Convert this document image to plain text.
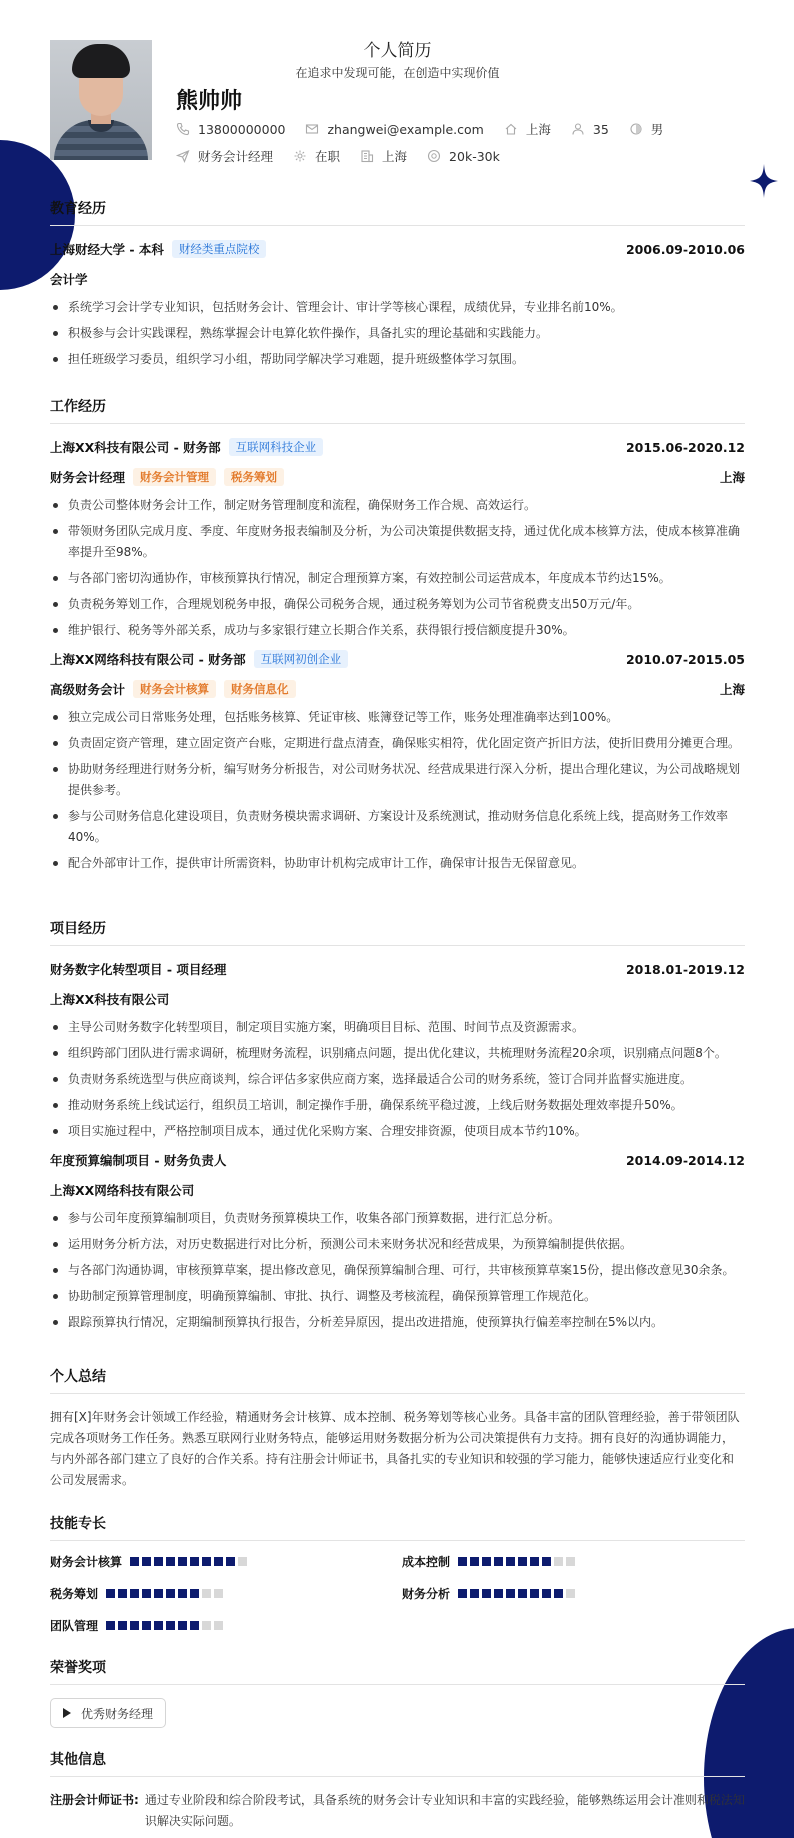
个人简历
在追求中发现可能，在创造中实现价值
熊帅帅
13800000000	zhangwei@example.com	上海	35	男
财务会计经理	在职	上海	20k-30k
教育经历
上海财经大学 - 本科	财经类重点院校	2006.09-2010.06
会计学
系统学习会计学专业知识，包括财务会计、管理会计、审计学等核心课程，成绩优异，专业排名前10%。
积极参与会计实践课程，熟练掌握会计电算化软件操作，具备扎实的理论基础和实践能力。
担任班级学习委员，组织学习小组，帮助同学解决学习难题，提升班级整体学习氛围。
工作经历
上海XX科技有限公司 - 财务部	互联网科技企业	2015.06-2020.12
财务会计经理	财务会计管理	税务筹划	上海
负责公司整体财务会计工作，制定财务管理制度和流程，确保财务工作合规、高效运行。
带领财务团队完成月度、季度、年度财务报表编制及分析，为公司决策提供数据支持，通过优化成本核算方法，使成本核算准确率提升至98%。
与各部门密切沟通协作，审核预算执行情况，制定合理预算方案，有效控制公司运营成本，年度成本节约达15%。
负责税务筹划工作，合理规划税务申报，确保公司税务合规，通过税务筹划为公司节省税费支出50万元/年。
维护银行、税务等外部关系，成功与多家银行建立长期合作关系，获得银行授信额度提升30%。
上海XX网络科技有限公司 - 财务部	互联网初创企业	2010.07-2015.05
高级财务会计	财务会计核算	财务信息化	上海
独立完成公司日常账务处理，包括账务核算、凭证审核、账簿登记等工作，账务处理准确率达到100%。
负责固定资产管理，建立固定资产台账，定期进行盘点清查，确保账实相符，优化固定资产折旧方法，使折旧费用分摊更合理。
协助财务经理进行财务分析，编写财务分析报告，对公司财务状况、经营成果进行深入分析，提出合理化建议，为公司战略规划提供参考。
参与公司财务信息化建设项目，负责财务模块需求调研、方案设计及系统测试，推动财务信息化系统上线，提高财务工作效率40%。
配合外部审计工作，提供审计所需资料，协助审计机构完成审计工作，确保审计报告无保留意见。
项目经历
财务数字化转型项目 - 项目经理	2018.01-2019.12
上海XX科技有限公司
主导公司财务数字化转型项目，制定项目实施方案，明确项目目标、范围、时间节点及资源需求。
组织跨部门团队进行需求调研，梳理财务流程，识别痛点问题，提出优化建议，共梳理财务流程20余项，识别痛点问题8个。
负责财务系统选型与供应商谈判，综合评估多家供应商方案，选择最适合公司的财务系统，签订合同并监督实施进度。
推动财务系统上线试运行，组织员工培训，制定操作手册，确保系统平稳过渡，上线后财务数据处理效率提升50%。
项目实施过程中，严格控制项目成本，通过优化采购方案、合理安排资源，使项目成本节约10%。
年度预算编制项目 - 财务负责人	2014.09-2014.12
上海XX网络科技有限公司
参与公司年度预算编制项目，负责财务预算模块工作，收集各部门预算数据，进行汇总分析。
运用财务分析方法，对历史数据进行对比分析，预测公司未来财务状况和经营成果，为预算编制提供依据。
与各部门沟通协调，审核预算草案，提出修改意见，确保预算编制合理、可行，共审核预算草案15份，提出修改意见30余条。
协助制定预算管理制度，明确预算编制、审批、执行、调整及考核流程，确保预算管理工作规范化。
跟踪预算执行情况，定期编制预算执行报告，分析差异原因，提出改进措施，使预算执行偏差率控制在5%以内。
个人总结
拥有[X]年财务会计领域工作经验，精通财务会计核算、成本控制、税务筹划等核心业务。具备丰富的团队管理经验，善于带领团队完成各项财务工作任务。熟悉互联网行业财务特点，能够运用财务数据分析为公司决策提供有力支持。拥有良好的沟通协调能力，与内外部各部门建立了良好的合作关系。持有注册会计师证书，具备扎实的专业知识和较强的学习能力，能够快速适应行业变化和公司发展需求。
技能专长
财务会计核算	成本控制
税务筹划	财务分析
团队管理
荣誉奖项
优秀财务经理
其他信息
注册会计师证书: 通过专业阶段和综合阶段考试，具备系统的财务会计专业知识和丰富的实践经验，能够熟练运用会计准则和税法知识解决实际问题。
